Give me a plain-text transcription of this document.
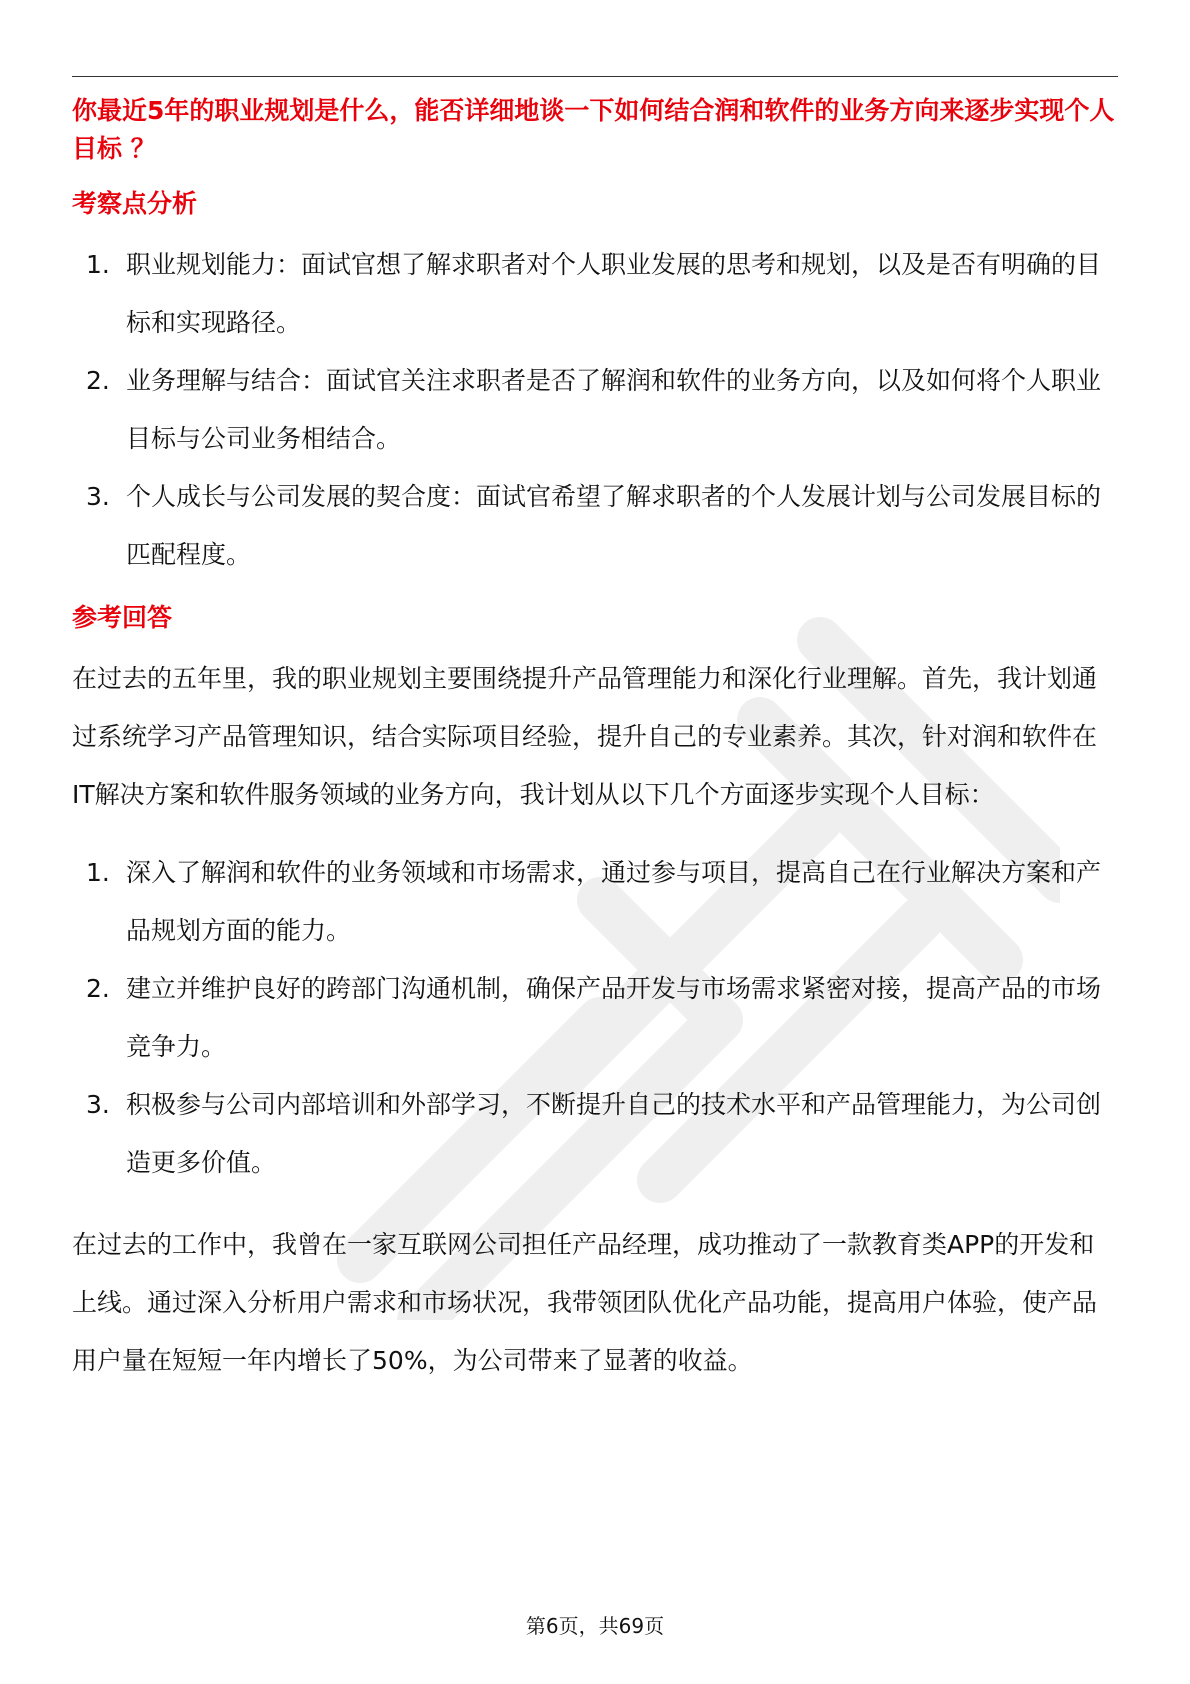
你最近5年的职业规划是什么，能否详细地谈一下如何结合润和软件的业务方向来逐步实现个人目标 ？

考察点分析
1. 职业规划能力：面试官想了解求职者对个人职业发展的思考和规划，以及是否有明确的目标和实现路径。
2. 业务理解与结合：面试官关注求职者是否了解润和软件的业务方向，以及如何将个人职业目标与公司业务相结合。
3. 个人成长与公司发展的契合度：面试官希望了解求职者的个人发展计划与公司发展目标的匹配程度。
参考回答

在过去的五年里，我的职业规划主要围绕提升产品管理能力和深化行业理解。首先，我计划通过系统学习产品管理知识，结合实际项目经验，提升自己的专业素养。其次，针对润和软件在IT解决方案和软件服务领域的业务方向，我计划从以下几个方面逐步实现个人目标：

1. 深入了解润和软件的业务领域和市场需求，通过参与项目，提高自己在行业解决方案和产品规划方面的能力。
2. 建立并维护良好的跨部门沟通机制，确保产品开发与市场需求紧密对接，提高产品的市场竞争力。
3. 积极参与公司内部培训和外部学习，不断提升自己的技术水平和产品管理能力，为公司创造更多价值。

在过去的工作中，我曾在一家互联网公司担任产品经理，成功推动了一款教育类APP的开发和上线。通过深入分析用户需求和市场状况，我带领团队优化产品功能，提高用户体验，使产品用户量在短短一年内增长了50%，为公司带来了显著的收益。

第6页，共69页
